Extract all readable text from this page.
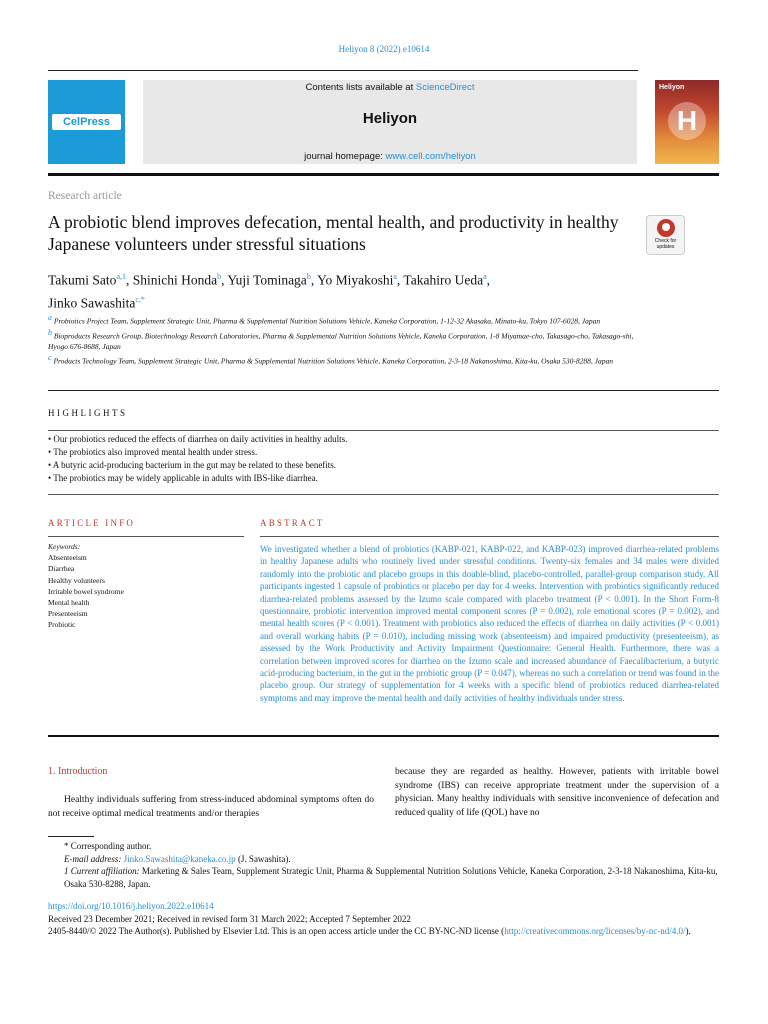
Heliyon 8 (2022) e10614
CelPress
Contents lists available at ScienceDirect
Heliyon
journal homepage: www.cell.com/heliyon
Heliyon
H
Research article
A probiotic blend improves defecation, mental health, and productivity in healthy Japanese volunteers under stressful situations	Check for updates
Takumi Sato$^{a,1}$, Shinichi Honda$^b$, Yuji Tominaga$^b$, Yo Miyakoshi$^a$, Takahiro Ueda$^a$,
Jinko Sawashita$^{c,*}$

$^a$ Probiotics Project Team, Supplement Strategic Unit, Pharma & Supplemental Nutrition Solutions Vehicle, Kaneka Corporation, 1-12-32 Akasaka, Minato-ku, Tokyo 107-6028, Japan

$^b$ Bioproducts Research Group, Biotechnology Research Laboratories, Pharma & Supplemental Nutrition Solutions Vehicle, Kaneka Corporation, 1-8 Miyamae-cho, Takasago-cho, Takasago-shi, Hyogo 676-8688, Japan

$^c$ Products Technology Team, Supplement Strategic Unit, Pharma & Supplemental Nutrition Solutions Vehicle, Kaneka Corporation, 2-3-18 Nakanoshima, Kita-ku, Osaka 530-8288, Japan

HIGHLIGHTS

• Our probiotics reduced the effects of diarrhea on daily activities in healthy adults.

• The probiotics also improved mental health under stress.

• A butyric acid-producing bacterium in the gut may be related to these benefits.

• The probiotics may be widely applicable in adults with IBS-like diarrhea.

ARTICLE INFO	ABSTRACT

Keywords:

Absenteeism

Diarrhea

Healthy volunteers

Irritable bowel syndrome

Mental health

Presenteeism

Probiotic

We investigated whether a blend of probiotics (KABP-021, KABP-022, and KABP-023) improved diarrhea-related problems in healthy Japanese adults who routinely lived under stressful conditions. Twenty-six females and 34 males were divided randomly into the probiotic and placebo groups in this double-blind, placebo-controlled, parallel-group comparison study. All participants ingested 1 capsule of probiotics or placebo per day for 4 weeks. Intervention with probiotics significantly reduced diarrhea-related problems assessed by the Izumo scale compared with placebo treatment (P < 0.001). In the Short Form-8 questionnaire, probiotic intervention improved mental component scores (P = 0.002), role emotional scores (P = 0.002), and mental health scores (P < 0.001). Treatment with probiotics also reduced the effects of diarrhea on daily activities (P < 0.001) and overall working habits (P = 0.010), including missing work (absenteeism) and impaired productivity (presenteeism), as assessed by the Work Productivity and Activity Impairment Questionnaire: General Health. Furthermore, there was a correlation between improved scores for diarrhea on the Izumo scale and increased abundance of Faecalibacterium, a butyric acid-producing bacterium, in the gut in the probiotic group (P = 0.047), whereas no such a correlation or trend was found in the placebo group. Our strategy of supplementation for 4 weeks with a specific blend of probiotics reduced diarrhea-related symptoms and may improve the mental health and daily activities of healthy individuals under stress.
1. Introduction
Healthy individuals suffering from stress-induced abdominal symptoms often do not receive optimal medical treatments and/or therapies
because they are regarded as healthy. However, patients with irritable bowel syndrome (IBS) can receive appropriate treatment under the supervision of a physician. Many healthy individuals with sensitive inconvenience of defecation and reduced quality of life (QOL) have no

* Corresponding author.

E-mail address: Jinko.Sawashita@kaneka.co.jp (J. Sawashita).

1 Current affiliation: Marketing & Sales Team, Supplement Strategic Unit, Pharma & Supplemental Nutrition Solutions Vehicle, Kaneka Corporation, 2-3-18 Nakanoshima, Kita-ku, Osaka 530-8288, Japan.

https://doi.org/10.1016/j.heliyon.2022.e10614

Received 23 December 2021; Received in revised form 31 March 2022; Accepted 7 September 2022

2405-8440/© 2022 The Author(s). Published by Elsevier Ltd. This is an open access article under the CC BY-NC-ND license (http://creativecommons.org/licenses/by-nc-nd/4.0/).
